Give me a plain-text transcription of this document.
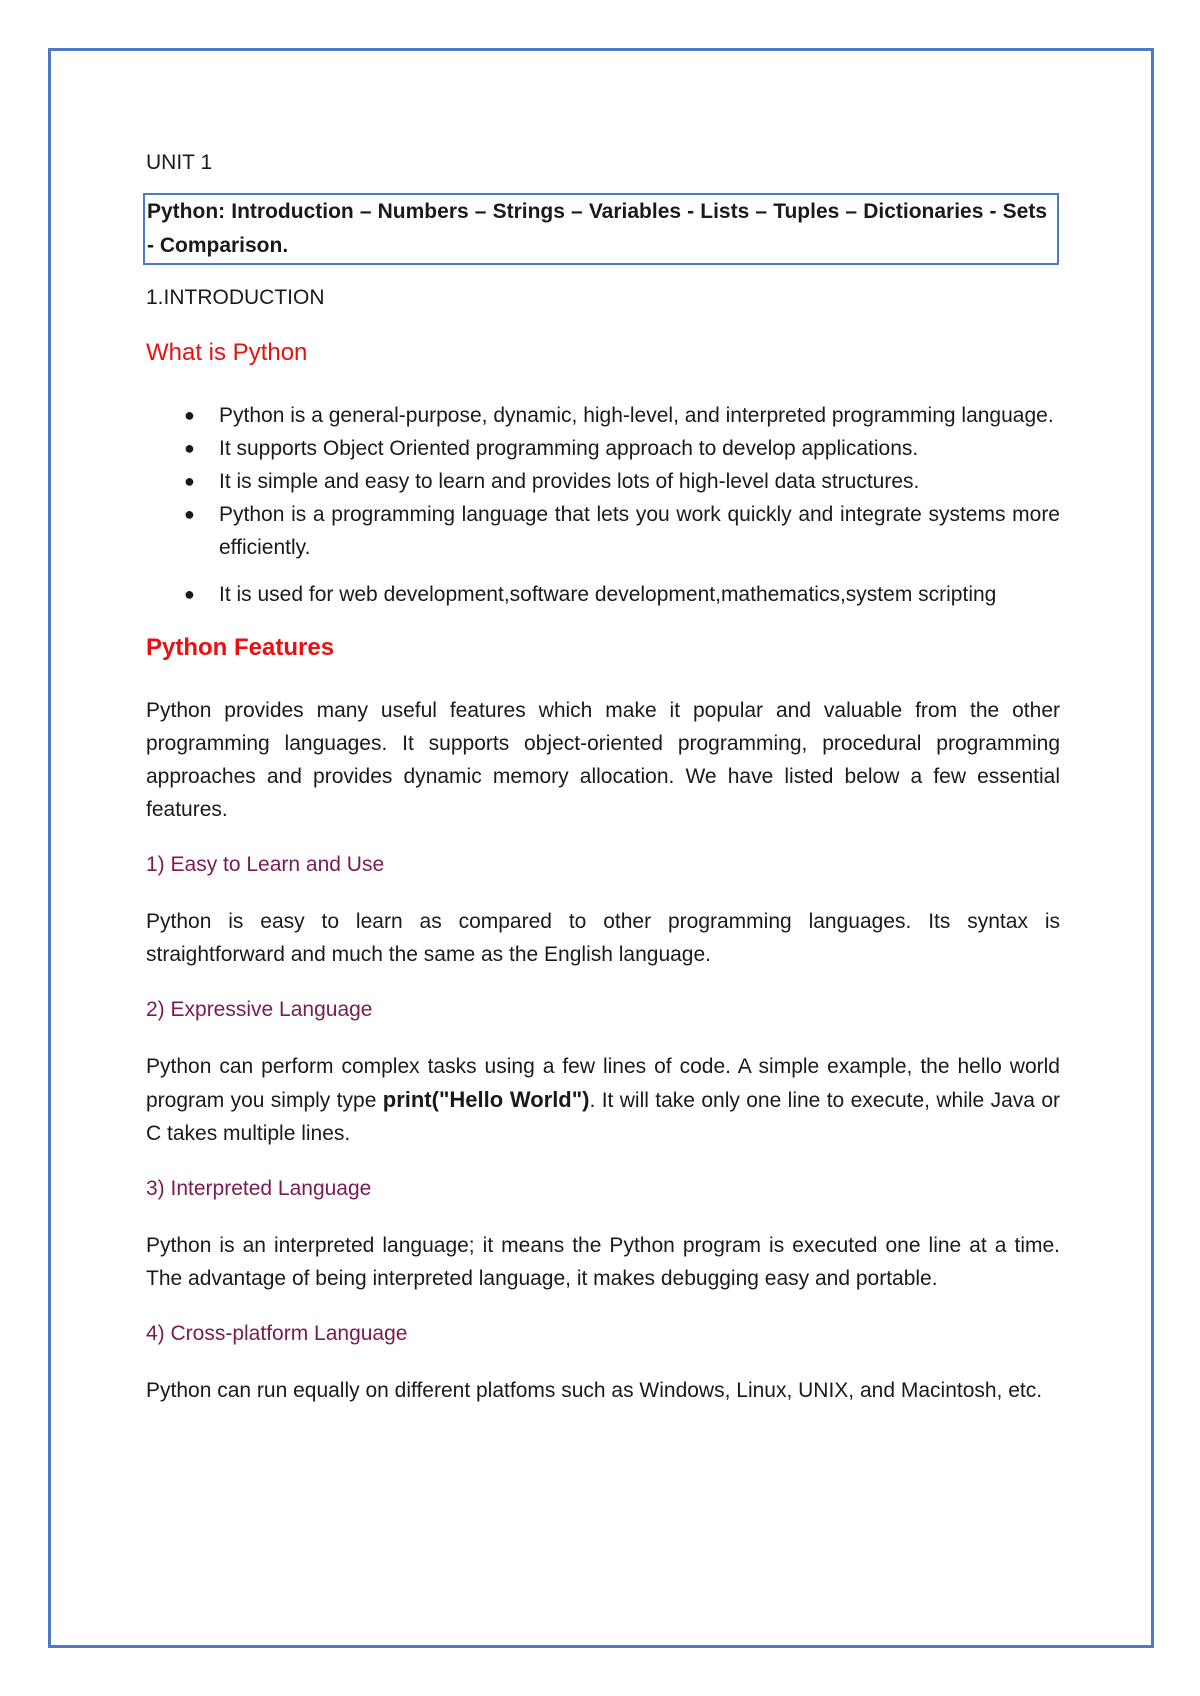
UNIT 1
Python: Introduction – Numbers – Strings – Variables - Lists – Tuples – Dictionaries - Sets - Comparison.
1.INTRODUCTION
What is Python
● Python is a general-purpose, dynamic, high-level, and interpreted programming language.
● It supports Object Oriented programming approach to develop applications.
● It is simple and easy to learn and provides lots of high-level data structures.
● Python is a programming language that lets you work quickly and integrate systems more efficiently.
● It is used for web development,software development,mathematics,system scripting
Python Features

Python provides many useful features which make it popular and valuable from the other programming languages. It supports object-oriented programming, procedural programming approaches and provides dynamic memory allocation. We have listed below a few essential features.

1) Easy to Learn and Use

Python is easy to learn as compared to other programming languages. Its syntax is straightforward and much the same as the English language.

2) Expressive Language

Python can perform complex tasks using a few lines of code. A simple example, the hello world program you simply type print("Hello World"). It will take only one line to execute, while Java or C takes multiple lines.

3) Interpreted Language

Python is an interpreted language; it means the Python program is executed one line at a time. The advantage of being interpreted language, it makes debugging easy and portable.

4) Cross-platform Language

Python can run equally on different platfoms such as Windows, Linux, UNIX, and Macintosh, etc.
